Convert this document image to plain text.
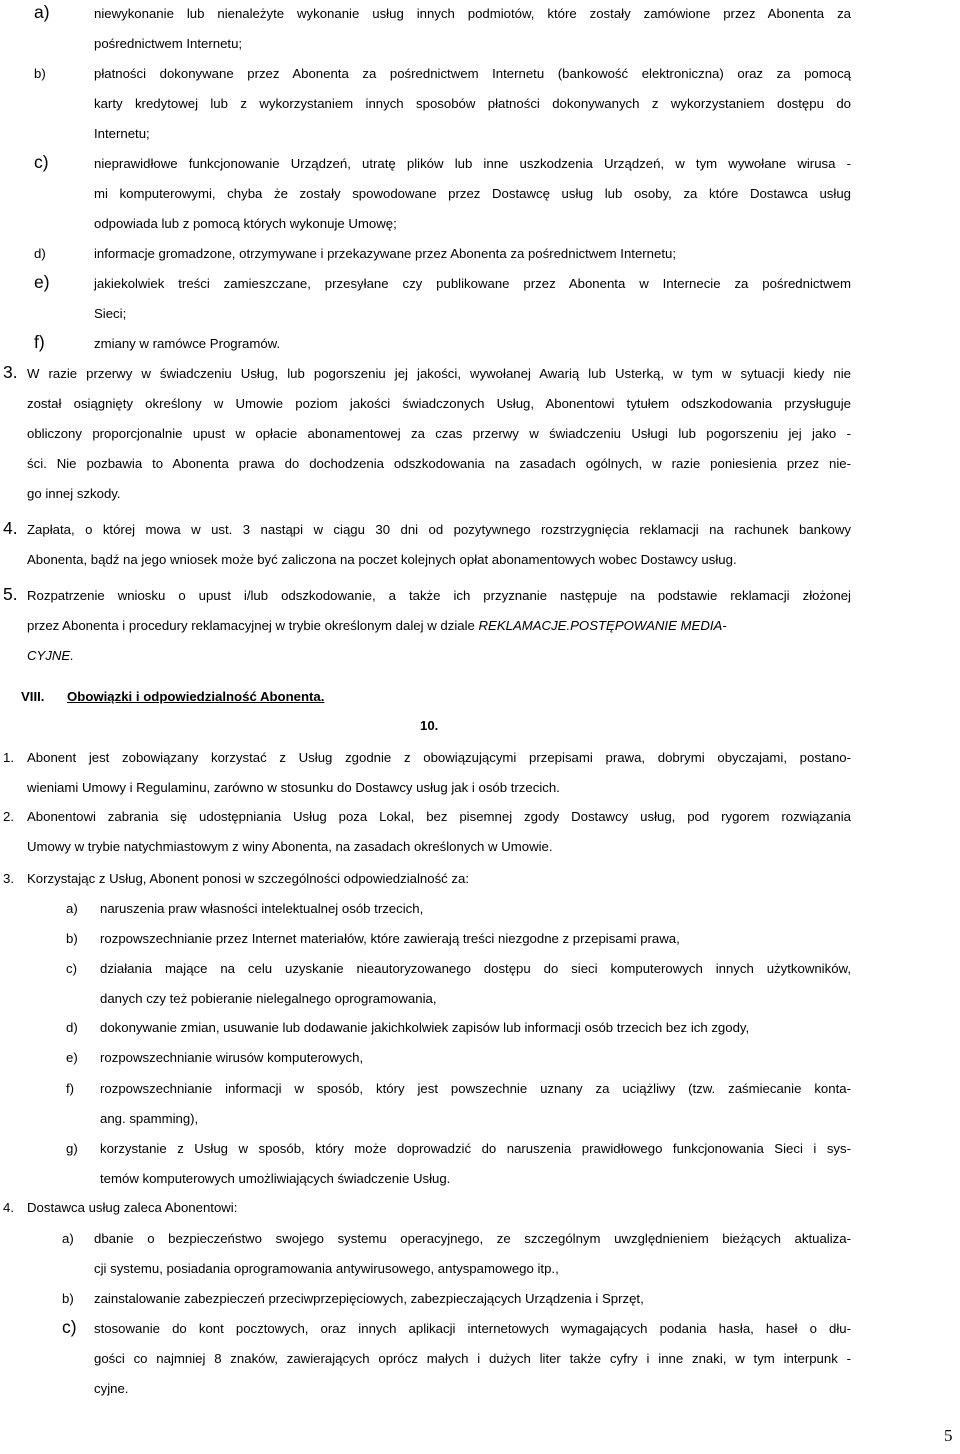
a)	niewykonanie lub nienależyte wykonanie usług innych podmiotów, które zostały zamówione przez Abonenta za
pośrednictwem Internetu;
b)	płatności dokonywane przez Abonenta za pośrednictwem Internetu (bankowość elektroniczna) oraz za pomocą
karty kredytowej lub z wykorzystaniem innych sposobów płatności dokonywanych z wykorzystaniem dostępu do
Internetu;
c)	nieprawidłowe funkcjonowanie Urządzeń, utratę plików lub inne uszkodzenia Urządzeń, w tym wywołane wirusa -
mi komputerowymi, chyba że zostały spowodowane przez Dostawcę usług lub osoby, za które Dostawca usług
odpowiada lub z pomocą których wykonuje Umowę;
d)	informacje gromadzone, otrzymywane i przekazywane przez Abonenta za pośrednictwem Internetu;
e)	jakiekolwiek treści zamieszczane, przesyłane czy publikowane przez Abonenta w Internecie za pośrednictwem
Sieci;
f)	zmiany w ramówce Programów.
3. W razie przerwy w świadczeniu Usług, lub pogorszeniu jej jakości, wywołanej Awarią lub Usterką, w tym w sytuacji kiedy nie
został osiągnięty określony w Umowie poziom jakości świadczonych Usług, Abonentowi tytułem odszkodowania przysługuje
obliczony proporcjonalnie upust w opłacie abonamentowej za czas przerwy w świadczeniu Usługi lub pogorszeniu jej jako -
ści. Nie pozbawia to Abonenta prawa do dochodzenia odszkodowania na zasadach ogólnych, w razie poniesienia przez nie-
go innej szkody.
4. Zapłata, o której mowa w ust. 3 nastąpi w ciągu 30 dni od pozytywnego rozstrzygnięcia reklamacji na rachunek bankowy
Abonenta, bądź na jego wniosek może być zaliczona na poczet kolejnych opłat abonamentowych wobec Dostawcy usług.
5. Rozpatrzenie wniosku o upust i/lub odszkodowanie, a także ich przyznanie następuje na podstawie reklamacji złożonej
przez Abonenta i procedury reklamacyjnej w trybie określonym dalej w dziale REKLAMACJE.POSTĘPOWANIE MEDIA-
CYJNE.
VIII. Obowiązki i odpowiedzialność Abonenta.
10.
1. Abonent jest zobowiązany korzystać z Usług zgodnie z obowiązującymi przepisami prawa, dobrymi obyczajami, postano-
wieniami Umowy i Regulaminu, zarówno w stosunku do Dostawcy usług jak i osób trzecich.
2. Abonentowi zabrania się udostępniania Usług poza Lokal, bez pisemnej zgody Dostawcy usług, pod rygorem rozwiązania
Umowy w trybie natychmiastowym z winy Abonenta, na zasadach określonych w Umowie.
3. Korzystając z Usług, Abonent ponosi w szczególności odpowiedzialność za:
a) naruszenia praw własności intelektualnej osób trzecich,
b) rozpowszechnianie przez Internet materiałów, które zawierają treści niezgodne z przepisami prawa,
c) działania mające na celu uzyskanie nieautoryzowanego dostępu do sieci komputerowych innych użytkowników,
danych czy też pobieranie nielegalnego oprogramowania,
d) dokonywanie zmian, usuwanie lub dodawanie jakichkolwiek zapisów lub informacji osób trzecich bez ich zgody,
e) rozpowszechnianie wirusów komputerowych,
f) rozpowszechnianie informacji w sposób, który jest powszechnie uznany za uciążliwy (tzw. zaśmiecanie konta-
ang. spamming),
g) korzystanie z Usług w sposób, który może doprowadzić do naruszenia prawidłowego funkcjonowania Sieci i sys-
temów komputerowych umożliwiających świadczenie Usług.
4. Dostawca usług zaleca Abonentowi:
a) dbanie o bezpieczeństwo swojego systemu operacyjnego, ze szczególnym uwzględnieniem bieżących aktualiza-
cji systemu, posiadania oprogramowania antywirusowego, antyspamowego itp.,
b) zainstalowanie zabezpieczeń przeciwprzepięciowych, zabezpieczających Urządzenia i Sprzęt,
c) stosowanie do kont pocztowych, oraz innych aplikacji internetowych wymagających podania hasła, haseł o dłu-
gości co najmniej 8 znaków, zawierających oprócz małych i dużych liter także cyfry i inne znaki, w tym interpunk -
cyjne.
5
